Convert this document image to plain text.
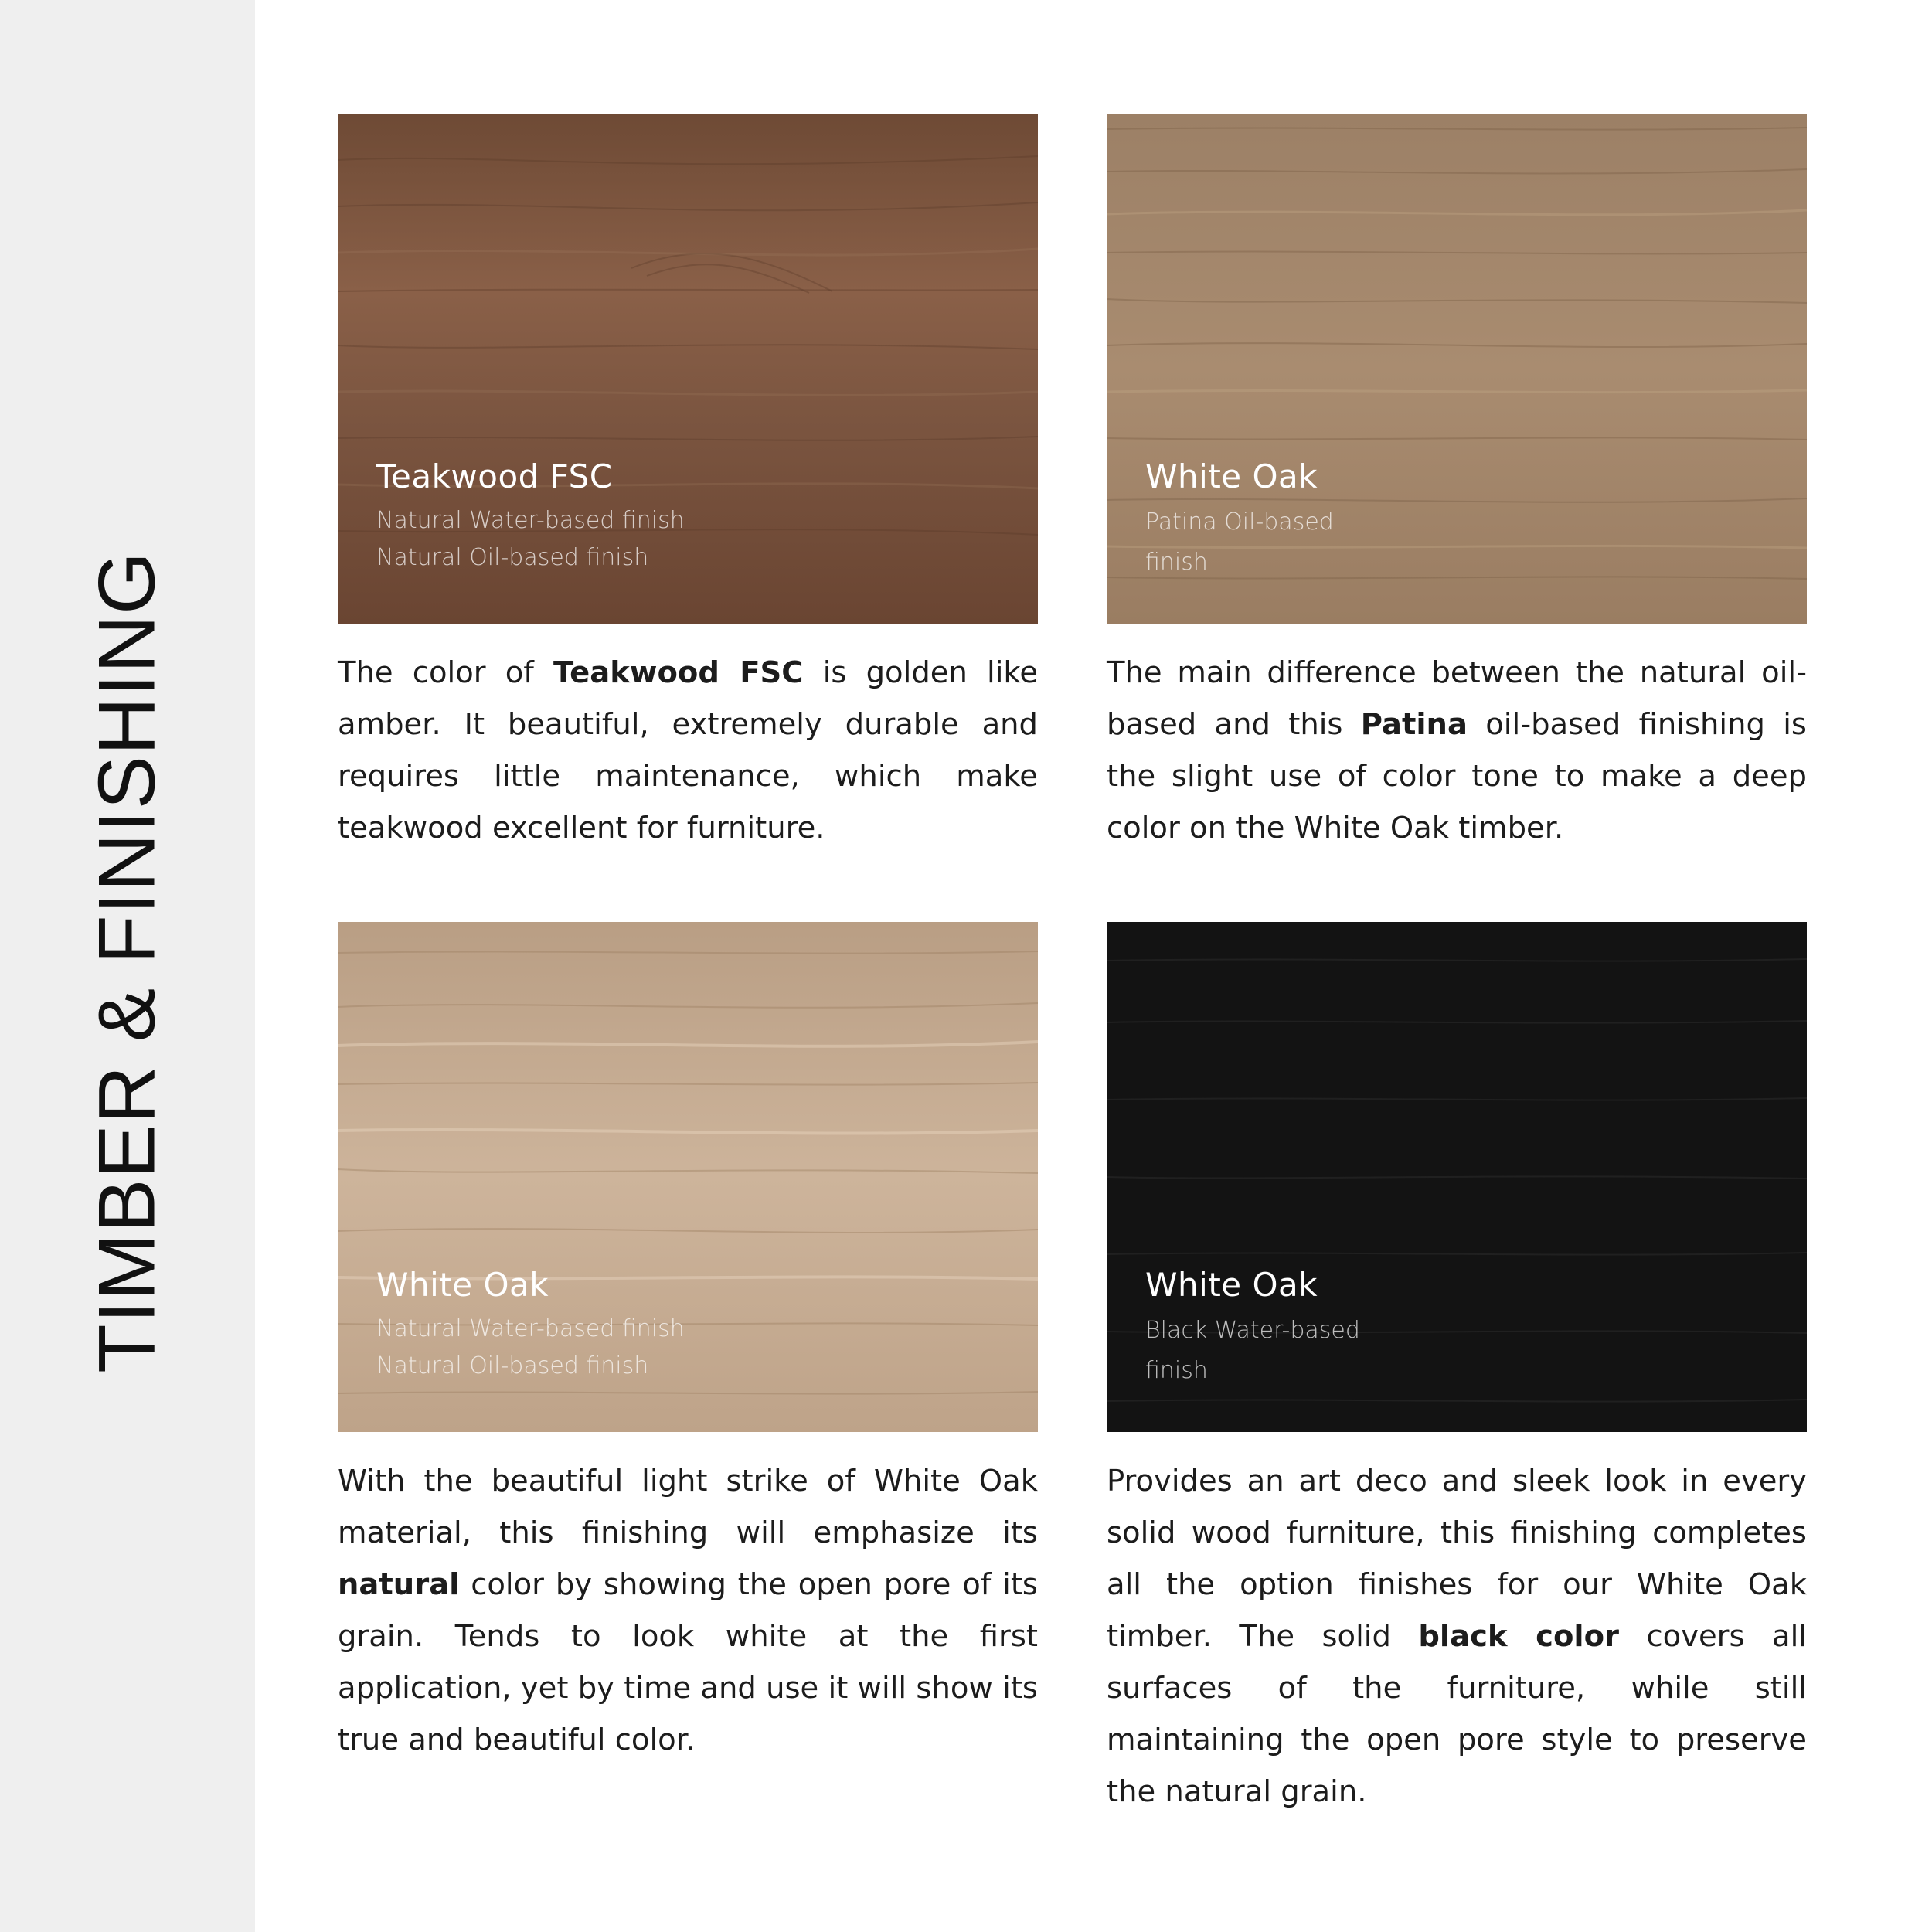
TIMBER & FINISHING
Teakwood FSC
Natural Water-based finish
Natural Oil-based finish
The color of Teakwood FSC is golden like amber. It beautiful, extremely durable and requires little maintenance, which make teakwood excellent for furniture.
White Oak
Patina Oil-based finish
The main difference between the natural oil-based and this Patina oil-based finishing is the slight use of color tone to make a deep color on the White Oak timber.
White Oak
Natural Water-based finish
Natural Oil-based finish
With the beautiful light strike of White Oak material, this finishing will emphasize its natural color by showing the open pore of its grain. Tends to look white at the first application, yet by time and use it will show its true and beautiful color.
White Oak
Black Water-based finish
Provides an art deco and sleek look in every solid wood furniture, this finishing completes all the option finishes for our White Oak timber. The solid black color covers all surfaces of the furniture, while still maintaining the open pore style to preserve the natural grain.
